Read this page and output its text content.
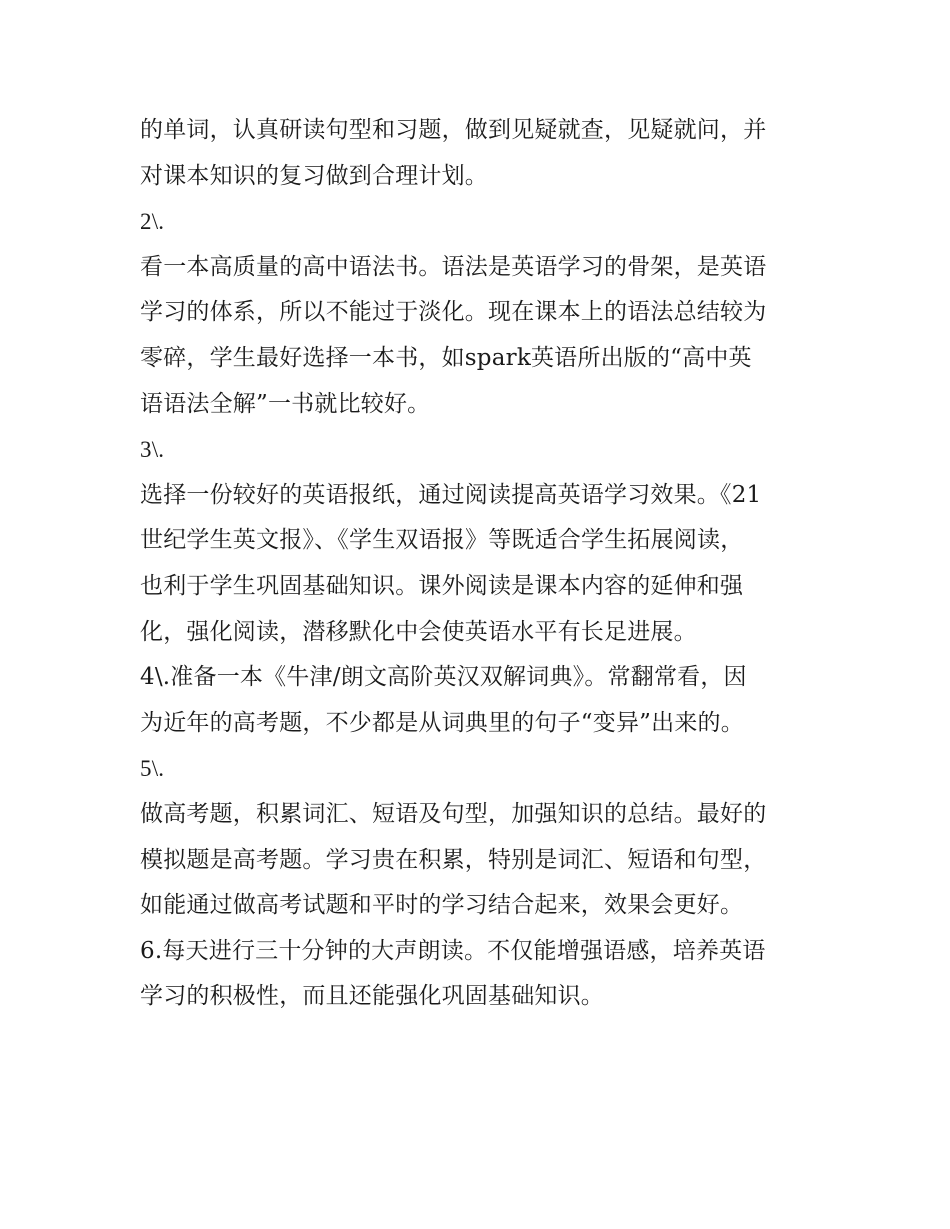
的单词，认真研读句型和习题，做到见疑就查，见疑就问，并
对课本知识的复习做到合理计划。
2\.
看一本高质量的高中语法书。语法是英语学习的骨架，是英语
学习的体系，所以不能过于淡化。现在课本上的语法总结较为
零碎，学生最好选择一本书，如spark英语所出版的“高中英
语语法全解”一书就比较好。
3\.
选择一份较好的英语报纸，通过阅读提高英语学习效果。《21
世纪学生英文报》、《学生双语报》等既适合学生拓展阅读，
也利于学生巩固基础知识。课外阅读是课本内容的延伸和强
化，强化阅读，潜移默化中会使英语水平有长足进展。
4\.准备一本《牛津/朗文高阶英汉双解词典》。常翻常看，因
为近年的高考题，不少都是从词典里的句子“变异”出来的。
5\.
做高考题，积累词汇、短语及句型，加强知识的总结。最好的
模拟题是高考题。学习贵在积累，特别是词汇、短语和句型，
如能通过做高考试题和平时的学习结合起来，效果会更好。
6.每天进行三十分钟的大声朗读。不仅能增强语感，培养英语
学习的积极性，而且还能强化巩固基础知识。
